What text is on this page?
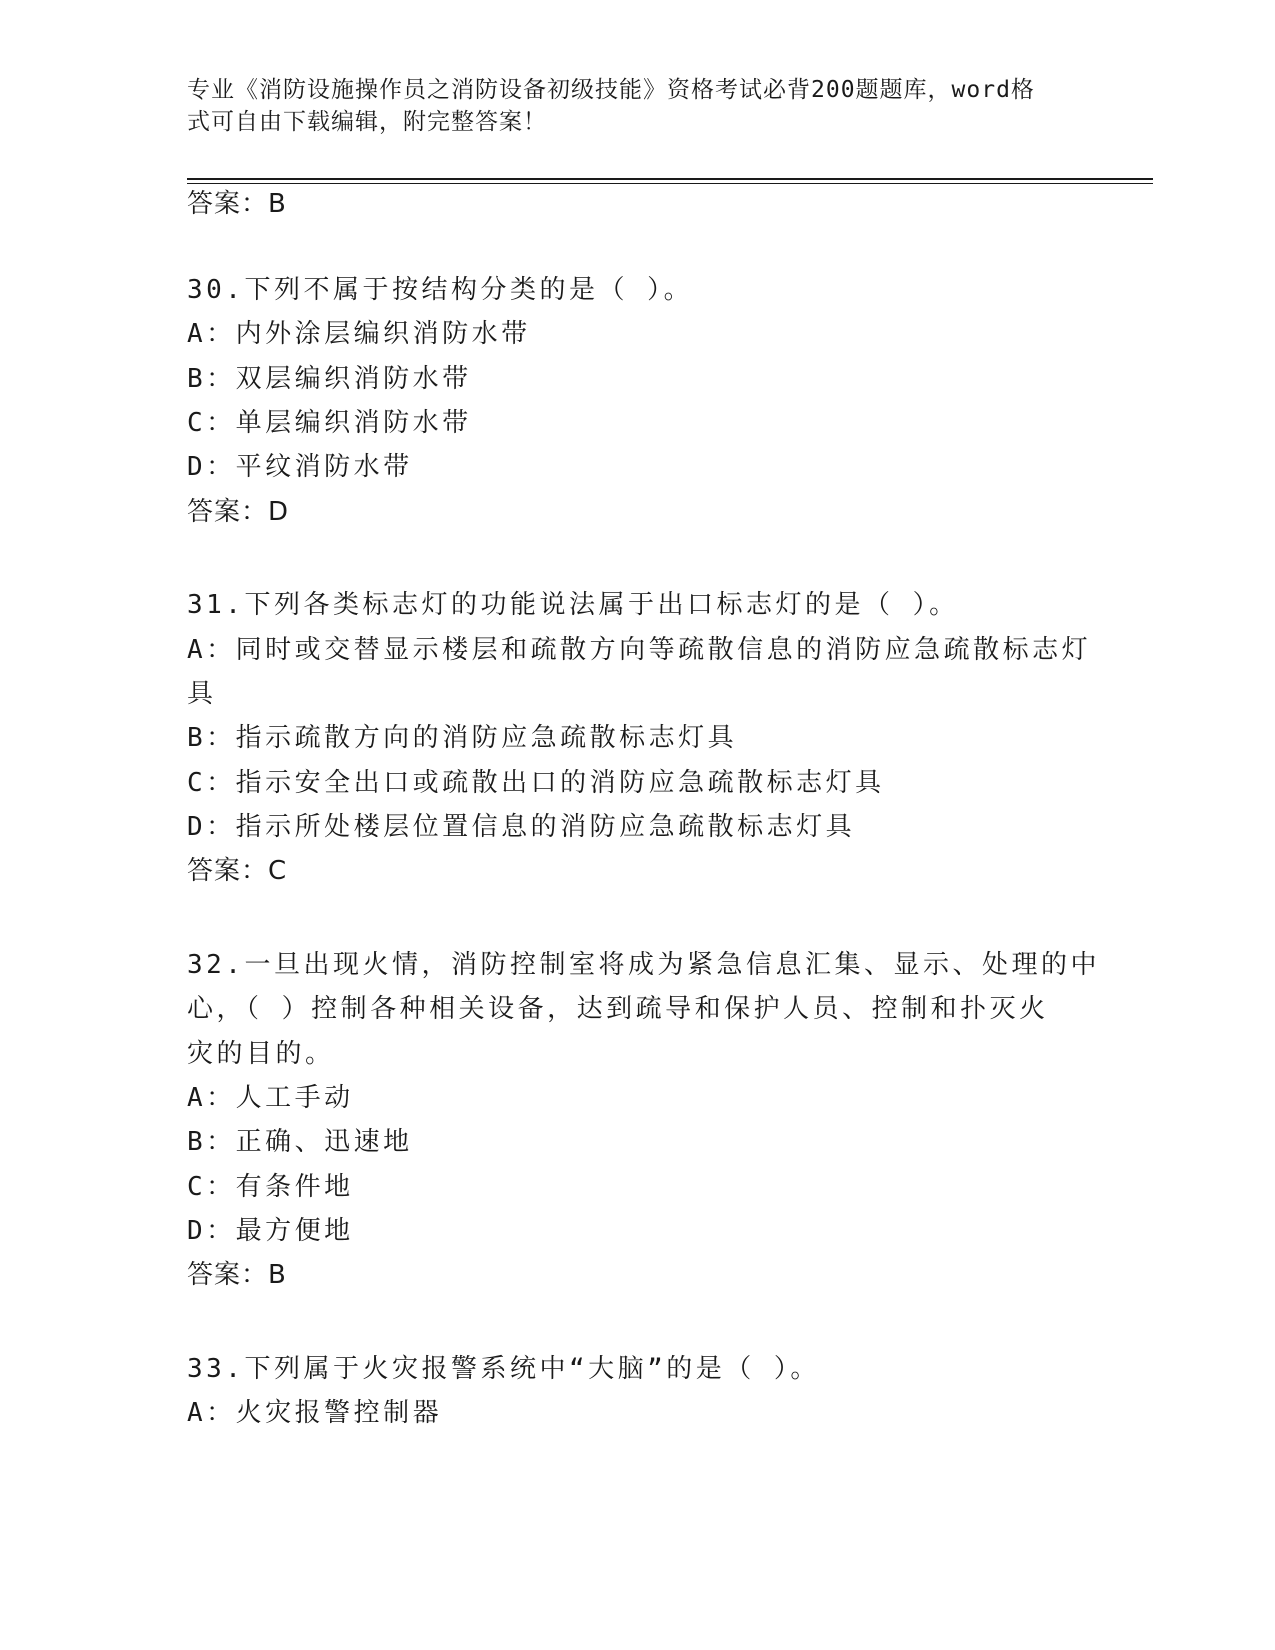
专业《消防设施操作员之消防设备初级技能》资格考试必背200题题库，word格

式可自由下载编辑，附完整答案！

答案：B

30.下列不属于按结构分类的是（ ）。

A：内外涂层编织消防水带

B：双层编织消防水带

C：单层编织消防水带

D：平纹消防水带

答案：D

31.下列各类标志灯的功能说法属于出口标志灯的是（ ）。

A：同时或交替显示楼层和疏散方向等疏散信息的消防应急疏散标志灯

具

B：指示疏散方向的消防应急疏散标志灯具

C：指示安全出口或疏散出口的消防应急疏散标志灯具

D：指示所处楼层位置信息的消防应急疏散标志灯具

答案：C

32.一旦出现火情，消防控制室将成为紧急信息汇集、显示、处理的中

心，（ ）控制各种相关设备，达到疏导和保护人员、控制和扑灭火

灾的目的。

A：人工手动

B：正确、迅速地

C：有条件地

D：最方便地

答案：B

33.下列属于火灾报警系统中“大脑”的是（ ）。

A：火灾报警控制器
